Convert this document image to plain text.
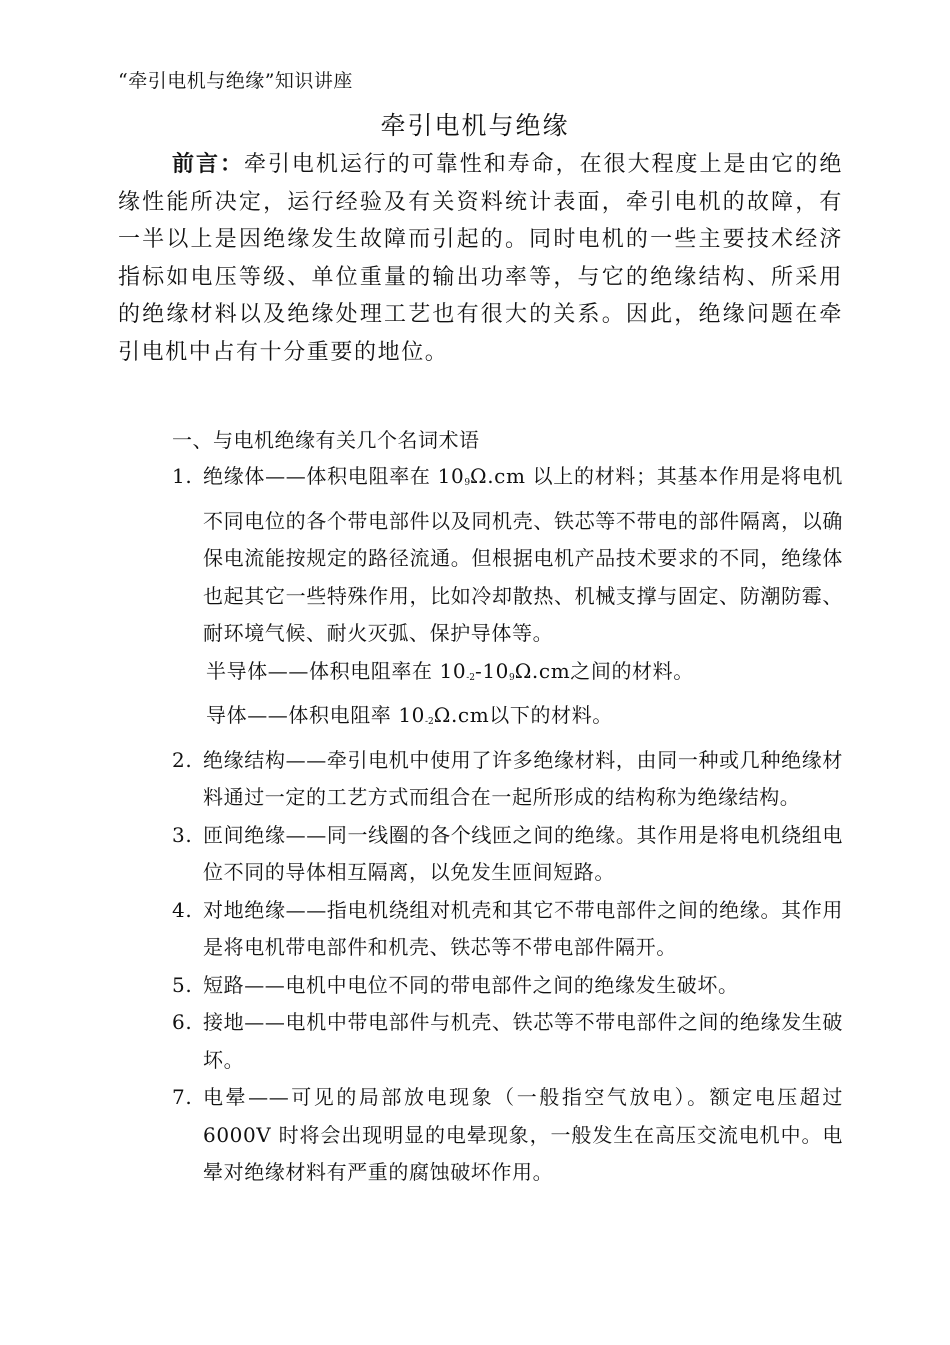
“牵引电机与绝缘”知识讲座
牵引电机与绝缘
前言：牵引电机运行的可靠性和寿命，在很大程度上是由它的绝缘性能所决定，运行经验及有关资料统计表面，牵引电机的故障，有一半以上是因绝缘发生故障而引起的。同时电机的一些主要技术经济指标如电压等级、单位重量的输出功率等，与它的绝缘结构、所采用的绝缘材料以及绝缘处理工艺也有很大的关系。因此，绝缘问题在牵引电机中占有十分重要的地位。
一、与电机绝缘有关几个名词术语
1. 绝缘体——体积电阻率在 $10_9\Omega.cm$ 以上的材料；其基本作用是将电机不同电位的各个带电部件以及同机壳、铁芯等不带电的部件隔离，以确保电流能按规定的路径流通。但根据电机产品技术要求的不同，绝缘体也起其它一些特殊作用，比如冷却散热、机械支撑与固定、防潮防霉、耐环境气候、耐火灭弧、保护导体等。
半导体——体积电阻率在 $10_{-2}-10_9\Omega.cm$之间的材料。
导体——体积电阻率 $10_{-2}\Omega.cm$以下的材料。
2. 绝缘结构——牵引电机中使用了许多绝缘材料，由同一种或几种绝缘材料通过一定的工艺方式而组合在一起所形成的结构称为绝缘结构。
3. 匝间绝缘——同一线圈的各个线匝之间的绝缘。其作用是将电机绕组电位不同的导体相互隔离，以免发生匝间短路。
4. 对地绝缘——指电机绕组对机壳和其它不带电部件之间的绝缘。其作用是将电机带电部件和机壳、铁芯等不带电部件隔开。
5. 短路——电机中电位不同的带电部件之间的绝缘发生破坏。
6. 接地——电机中带电部件与机壳、铁芯等不带电部件之间的绝缘发生破坏。
7. 电晕——可见的局部放电现象（一般指空气放电）。额定电压超过 6000V 时将会出现明显的电晕现象，一般发生在高压交流电机中。电晕对绝缘材料有严重的腐蚀破坏作用。
